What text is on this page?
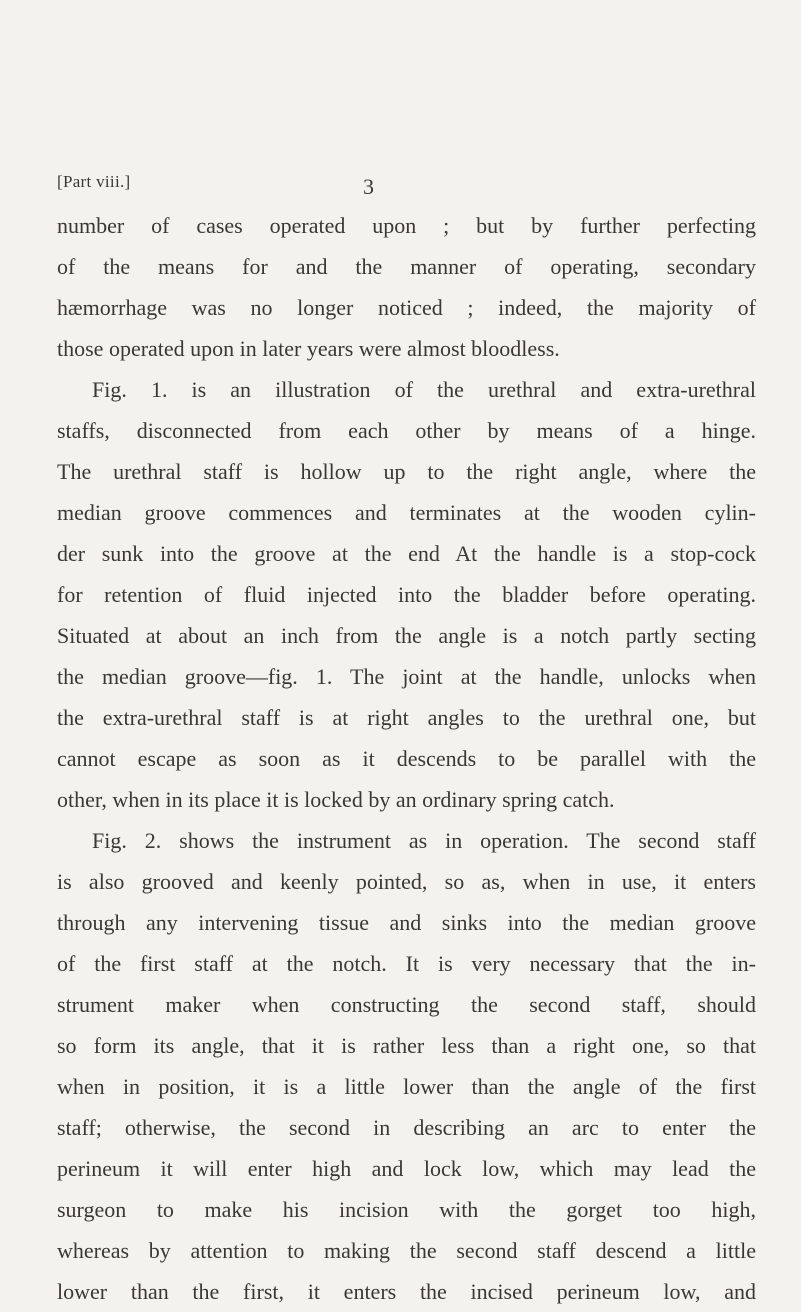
[Part viii.]	3
number of cases operated upon ; but by further perfecting
of the means for and the manner of operating, secondary
hæmorrhage was no longer noticed ; indeed, the majority of
those operated upon in later years were almost bloodless.
Fig. 1. is an illustration of the urethral and extra-urethral
staffs, disconnected from each other by means of a hinge.
The urethral staff is hollow up to the right angle, where the
median groove commences and terminates at the wooden cylin-
der sunk into the groove at the end At the handle is a stop-cock
for retention of fluid injected into the bladder before operating.
Situated at about an inch from the angle is a notch partly secting
the median groove—fig. 1. The joint at the handle, unlocks when
the extra-urethral staff is at right angles to the urethral one, but
cannot escape as soon as it descends to be parallel with the
other, when in its place it is locked by an ordinary spring catch.
Fig. 2. shows the instrument as in operation. The second staff
is also grooved and keenly pointed, so as, when in use, it enters
through any intervening tissue and sinks into the median groove
of the first staff at the notch. It is very necessary that the in-
strument maker when constructing the second staff, should
so form its angle, that it is rather less than a right one, so that
when in position, it is a little lower than the angle of the first
staff; otherwise, the second in describing an arc to enter the
perineum it will enter high and lock low, which may lead the
surgeon to make his incision with the gorget too high,
whereas by attention to making the second staff descend a little
lower than the first, it enters the incised perineum low, and
